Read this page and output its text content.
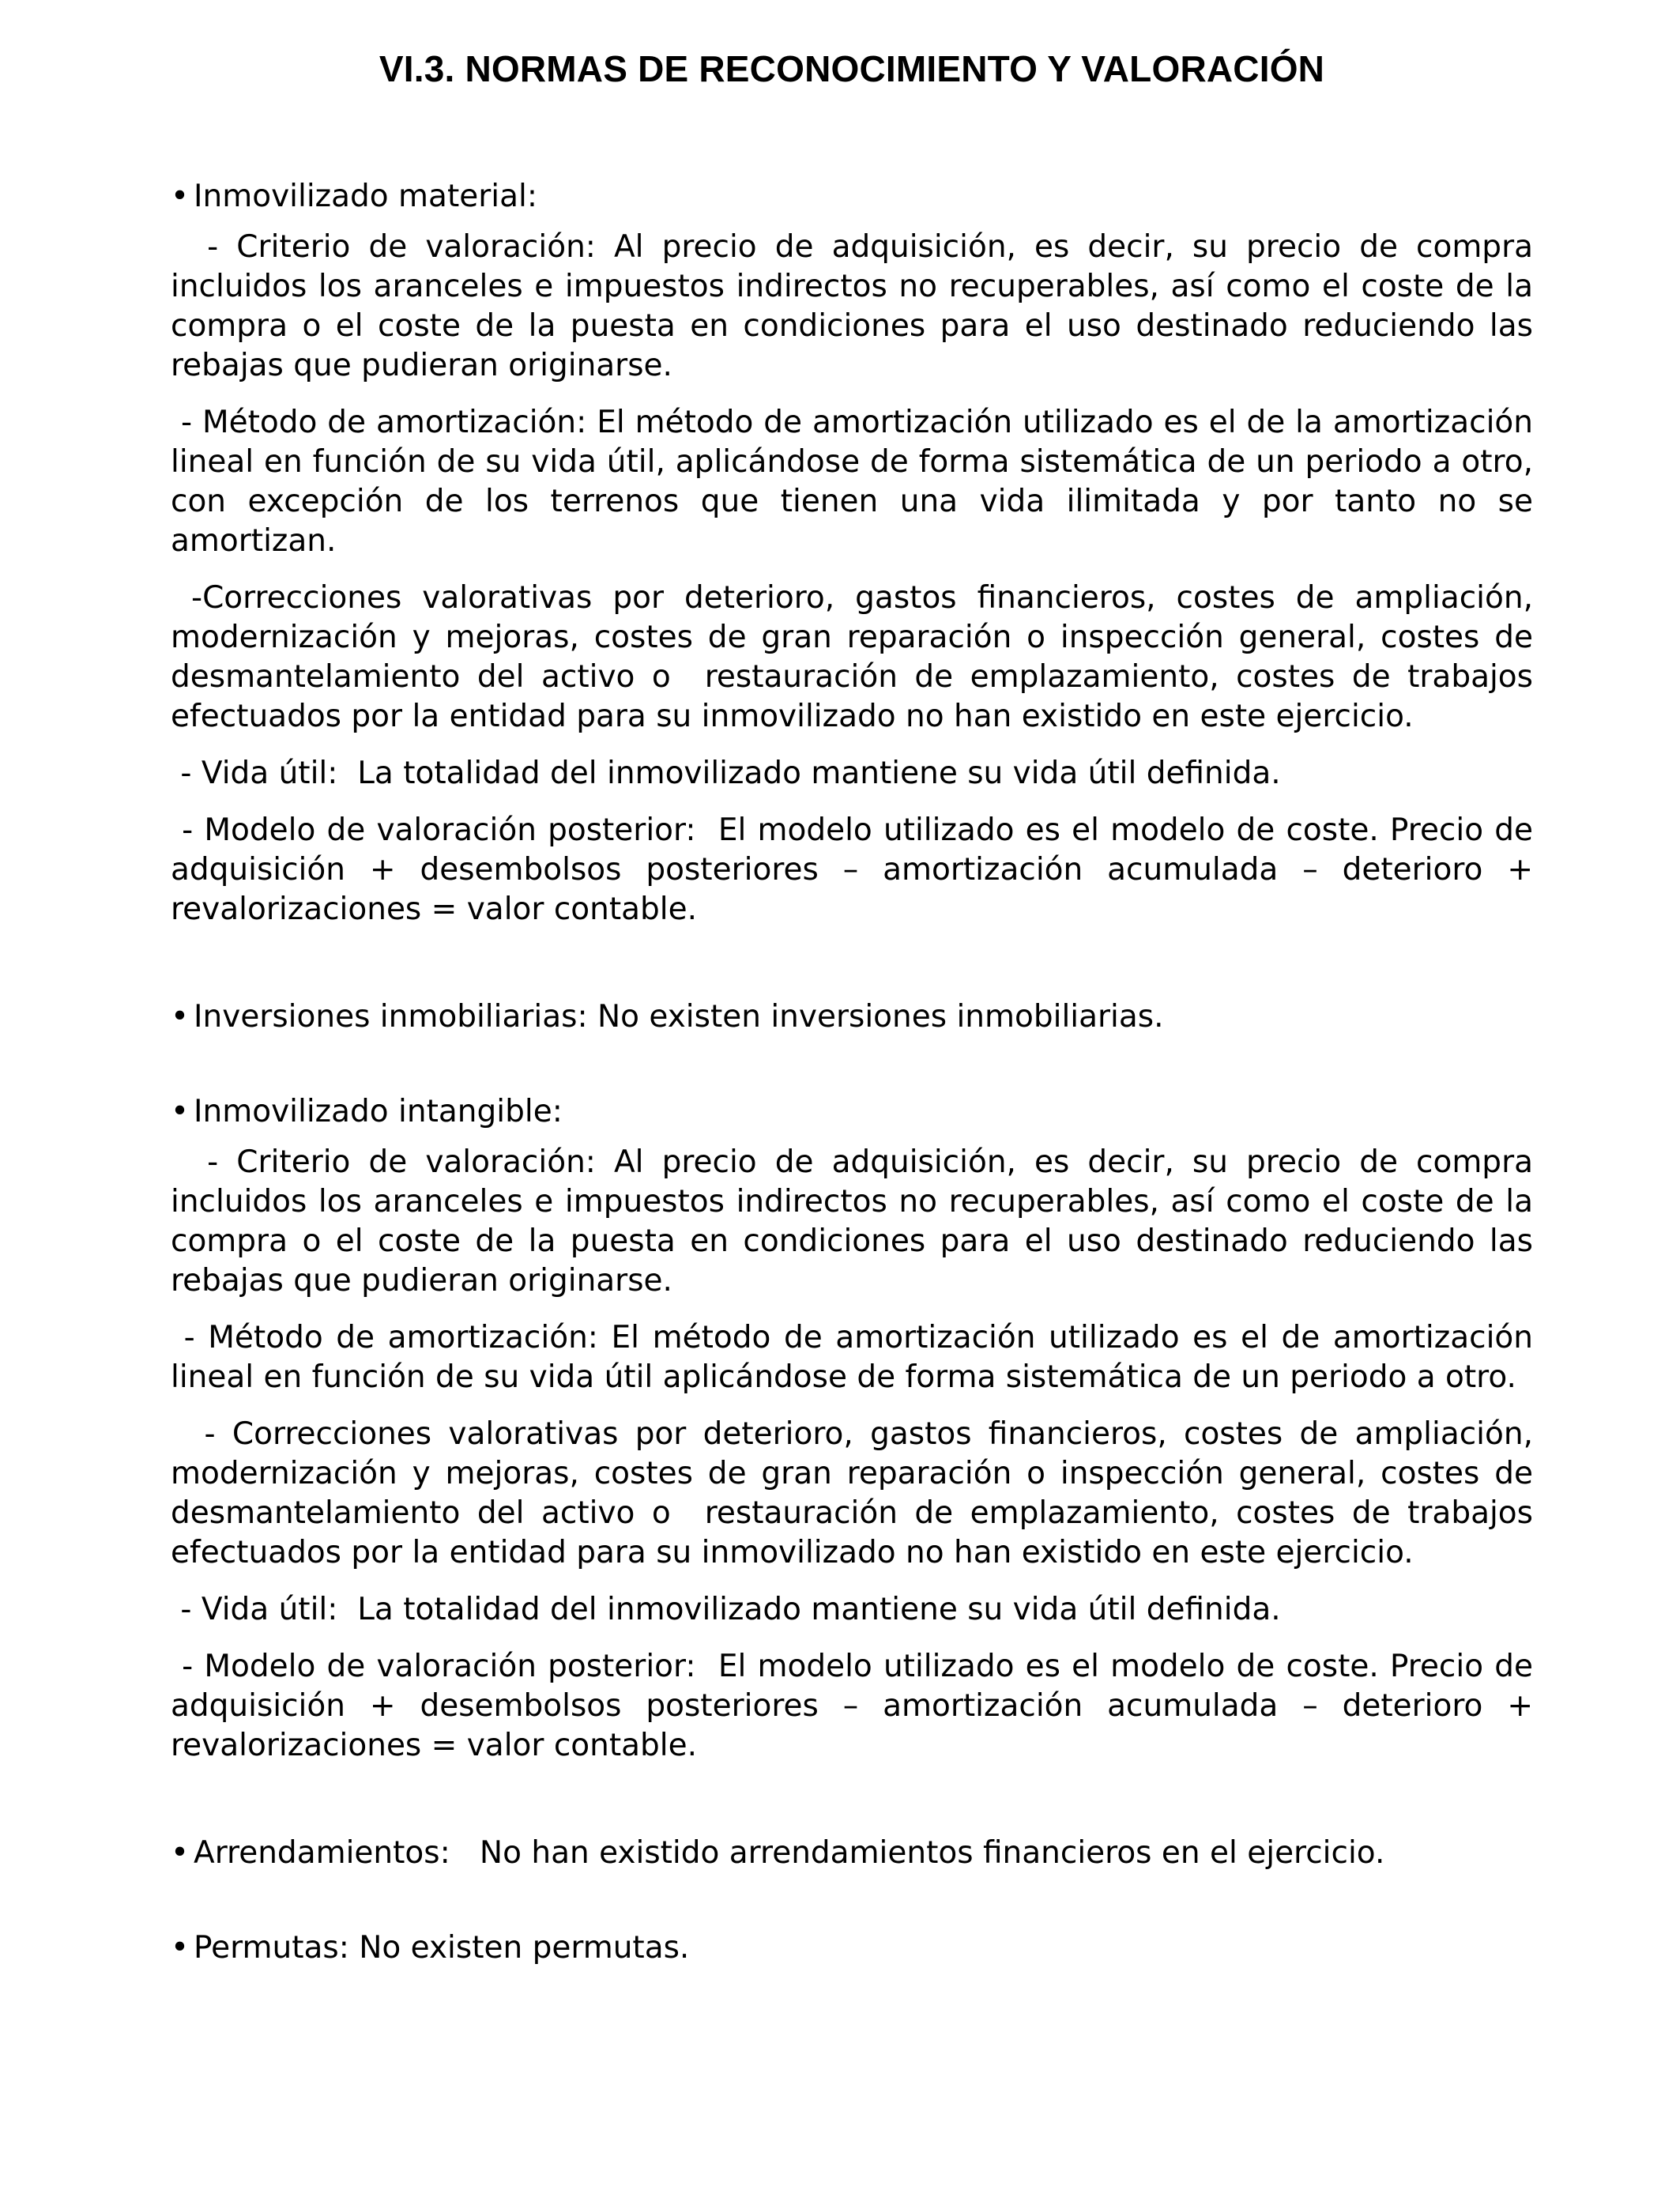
VI.3. NORMAS DE RECONOCIMIENTO Y VALORACIÓN
• Inmovilizado material:
- Criterio de valoración: Al precio de adquisición, es decir, su precio de compra incluidos los aranceles e impuestos indirectos no recuperables, así como el coste de la compra o el coste de la puesta en condiciones para el uso destinado reduciendo las rebajas que pudieran originarse.
- Método de amortización: El método de amortización utilizado es el de la amortización lineal en función de su vida útil, aplicándose de forma sistemática de un periodo a otro, con excepción de los terrenos que tienen una vida ilimitada y por tanto no se amortizan.
-Correcciones valorativas por deterioro, gastos financieros, costes de ampliación, modernización y mejoras, costes de gran reparación o inspección general, costes de desmantelamiento del activo o  restauración de emplazamiento, costes de trabajos efectuados por la entidad para su inmovilizado no han existido en este ejercicio.
- Vida útil:  La totalidad del inmovilizado mantiene su vida útil definida.
- Modelo de valoración posterior:  El modelo utilizado es el modelo de coste. Precio de adquisición + desembolsos posteriores – amortización acumulada – deterioro + revalorizaciones = valor contable.
• Inversiones inmobiliarias: No existen inversiones inmobiliarias.
• Inmovilizado intangible:
- Criterio de valoración: Al precio de adquisición, es decir, su precio de compra incluidos los aranceles e impuestos indirectos no recuperables, así como el coste de la compra o el coste de la puesta en condiciones para el uso destinado reduciendo las rebajas que pudieran originarse.
- Método de amortización: El método de amortización utilizado es el de amortización lineal en función de su vida útil aplicándose de forma sistemática de un periodo a otro.
- Correcciones valorativas por deterioro, gastos financieros, costes de ampliación, modernización y mejoras, costes de gran reparación o inspección general, costes de desmantelamiento del activo o  restauración de emplazamiento, costes de trabajos efectuados por la entidad para su inmovilizado no han existido en este ejercicio.
- Vida útil:  La totalidad del inmovilizado mantiene su vida útil definida.
- Modelo de valoración posterior:  El modelo utilizado es el modelo de coste. Precio de adquisición + desembolsos posteriores – amortización acumulada – deterioro + revalorizaciones = valor contable.
• Arrendamientos:   No han existido arrendamientos financieros en el ejercicio.
• Permutas: No existen permutas.
